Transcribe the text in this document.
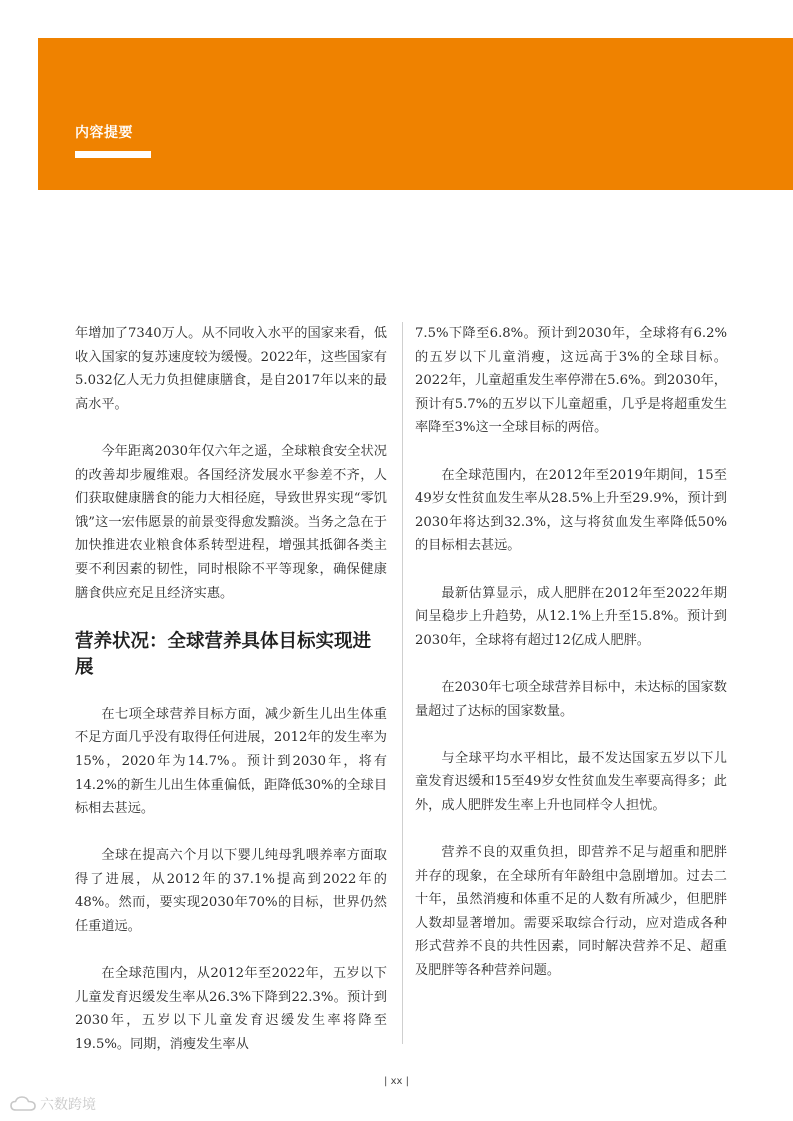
内容提要

年增加了7340万人。从不同收入水平的国家来看，低收入国家的复苏速度较为缓慢。2022年，这些国家有5.032亿人无力负担健康膳食，是自2017年以来的最高水平。

今年距离2030年仅六年之遥，全球粮食安全状况的改善却步履维艰。各国经济发展水平参差不齐，人们获取健康膳食的能力大相径庭，导致世界实现“零饥饿”这一宏伟愿景的前景变得愈发黯淡。当务之急在于加快推进农业粮食体系转型进程，增强其抵御各类主要不利因素的韧性，同时根除不平等现象，确保健康膳食供应充足且经济实惠。

营养状况：全球营养具体目标实现进展

在七项全球营养目标方面，减少新生儿出生体重不足方面几乎没有取得任何进展，2012年的发生率为15%，2020年为14.7%。预计到2030年，将有14.2%的新生儿出生体重偏低，距降低30%的全球目标相去甚远。

全球在提高六个月以下婴儿纯母乳喂养率方面取得了进展，从2012年的37.1%提高到2022年的48%。然而，要实现2030年70%的目标，世界仍然任重道远。

在全球范围内，从2012年至2022年，五岁以下儿童发育迟缓发生率从26.3%下降到22.3%。预计到2030年，五岁以下儿童发育迟缓发生率将降至19.5%。同期，消瘦发生率从

7.5%下降至6.8%。预计到2030年，全球将有6.2%的五岁以下儿童消瘦，这远高于3%的全球目标。2022年，儿童超重发生率停滞在5.6%。到2030年，预计有5.7%的五岁以下儿童超重，几乎是将超重发生率降至3%这一全球目标的两倍。

在全球范围内，在2012年至2019年期间，15至49岁女性贫血发生率从28.5%上升至29.9%，预计到2030年将达到32.3%，这与将贫血发生率降低50%的目标相去甚远。

最新估算显示，成人肥胖在2012年至2022年期间呈稳步上升趋势，从12.1%上升至15.8%。预计到2030年，全球将有超过12亿成人肥胖。

在2030年七项全球营养目标中，未达标的国家数量超过了达标的国家数量。

与全球平均水平相比，最不发达国家五岁以下儿童发育迟缓和15至49岁女性贫血发生率要高得多；此外，成人肥胖发生率上升也同样令人担忧。

营养不良的双重负担，即营养不足与超重和肥胖并存的现象，在全球所有年龄组中急剧增加。过去二十年，虽然消瘦和体重不足的人数有所减少，但肥胖人数却显著增加。需要采取综合行动，应对造成各种形式营养不良的共性因素，同时解决营养不足、超重及肥胖等各种营养问题。

| xx |
六数跨境
